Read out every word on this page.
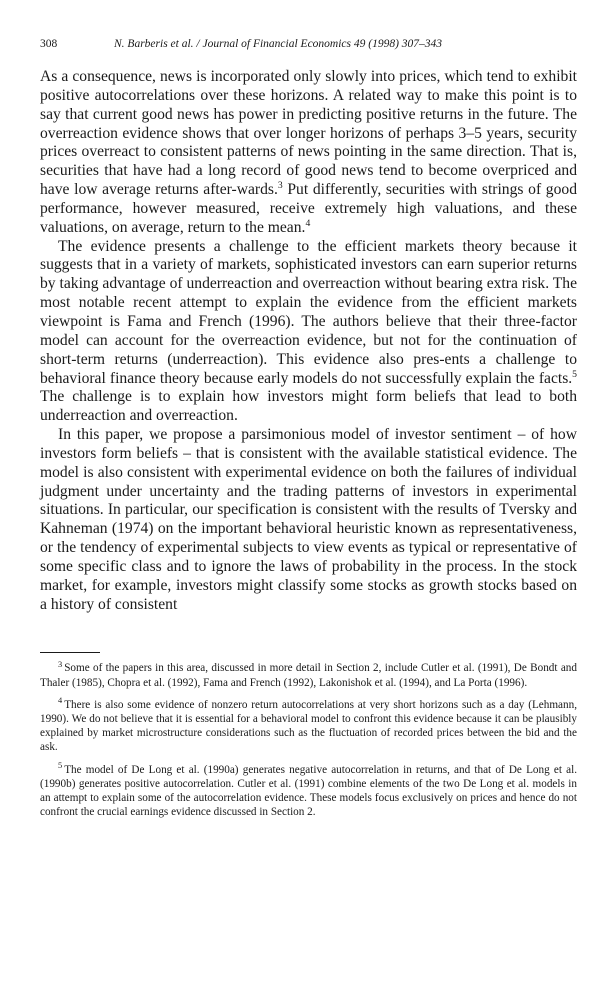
308	N. Barberis et al. / Journal of Financial Economics 49 (1998) 307–343

As a consequence, news is incorporated only slowly into prices, which tend to exhibit positive autocorrelations over these horizons. A related way to make this point is to say that current good news has power in predicting positive returns in the future. The overreaction evidence shows that over longer horizons of perhaps 3–5 years, security prices overreact to consistent patterns of news pointing in the same direction. That is, securities that have had a long record of good news tend to become overpriced and have low average returns after-wards.$^3$ Put differently, securities with strings of good performance, however measured, receive extremely high valuations, and these valuations, on average, return to the mean.$^4$

The evidence presents a challenge to the efficient markets theory because it suggests that in a variety of markets, sophisticated investors can earn superior returns by taking advantage of underreaction and overreaction without bearing extra risk. The most notable recent attempt to explain the evidence from the efficient markets viewpoint is Fama and French (1996). The authors believe that their three-factor model can account for the overreaction evidence, but not for the continuation of short-term returns (underreaction). This evidence also pres-ents a challenge to behavioral finance theory because early models do not successfully explain the facts.$^5$ The challenge is to explain how investors might form beliefs that lead to both underreaction and overreaction.

In this paper, we propose a parsimonious model of investor sentiment – of how investors form beliefs – that is consistent with the available statistical evidence. The model is also consistent with experimental evidence on both the failures of individual judgment under uncertainty and the trading patterns of investors in experimental situations. In particular, our specification is consistent with the results of Tversky and Kahneman (1974) on the important behavioral heuristic known as representativeness, or the tendency of experimental subjects to view events as typical or representative of some specific class and to ignore the laws of probability in the process. In the stock market, for example, investors might classify some stocks as growth stocks based on a history of consistent

$^3$ Some of the papers in this area, discussed in more detail in Section 2, include Cutler et al. (1991), De Bondt and Thaler (1985), Chopra et al. (1992), Fama and French (1992), Lakonishok et al. (1994), and La Porta (1996).

$^4$ There is also some evidence of nonzero return autocorrelations at very short horizons such as a day (Lehmann, 1990). We do not believe that it is essential for a behavioral model to confront this evidence because it can be plausibly explained by market microstructure considerations such as the fluctuation of recorded prices between the bid and the ask.

$^5$ The model of De Long et al. (1990a) generates negative autocorrelation in returns, and that of De Long et al. (1990b) generates positive autocorrelation. Cutler et al. (1991) combine elements of the two De Long et al. models in an attempt to explain some of the autocorrelation evidence. These models focus exclusively on prices and hence do not confront the crucial earnings evidence discussed in Section 2.
